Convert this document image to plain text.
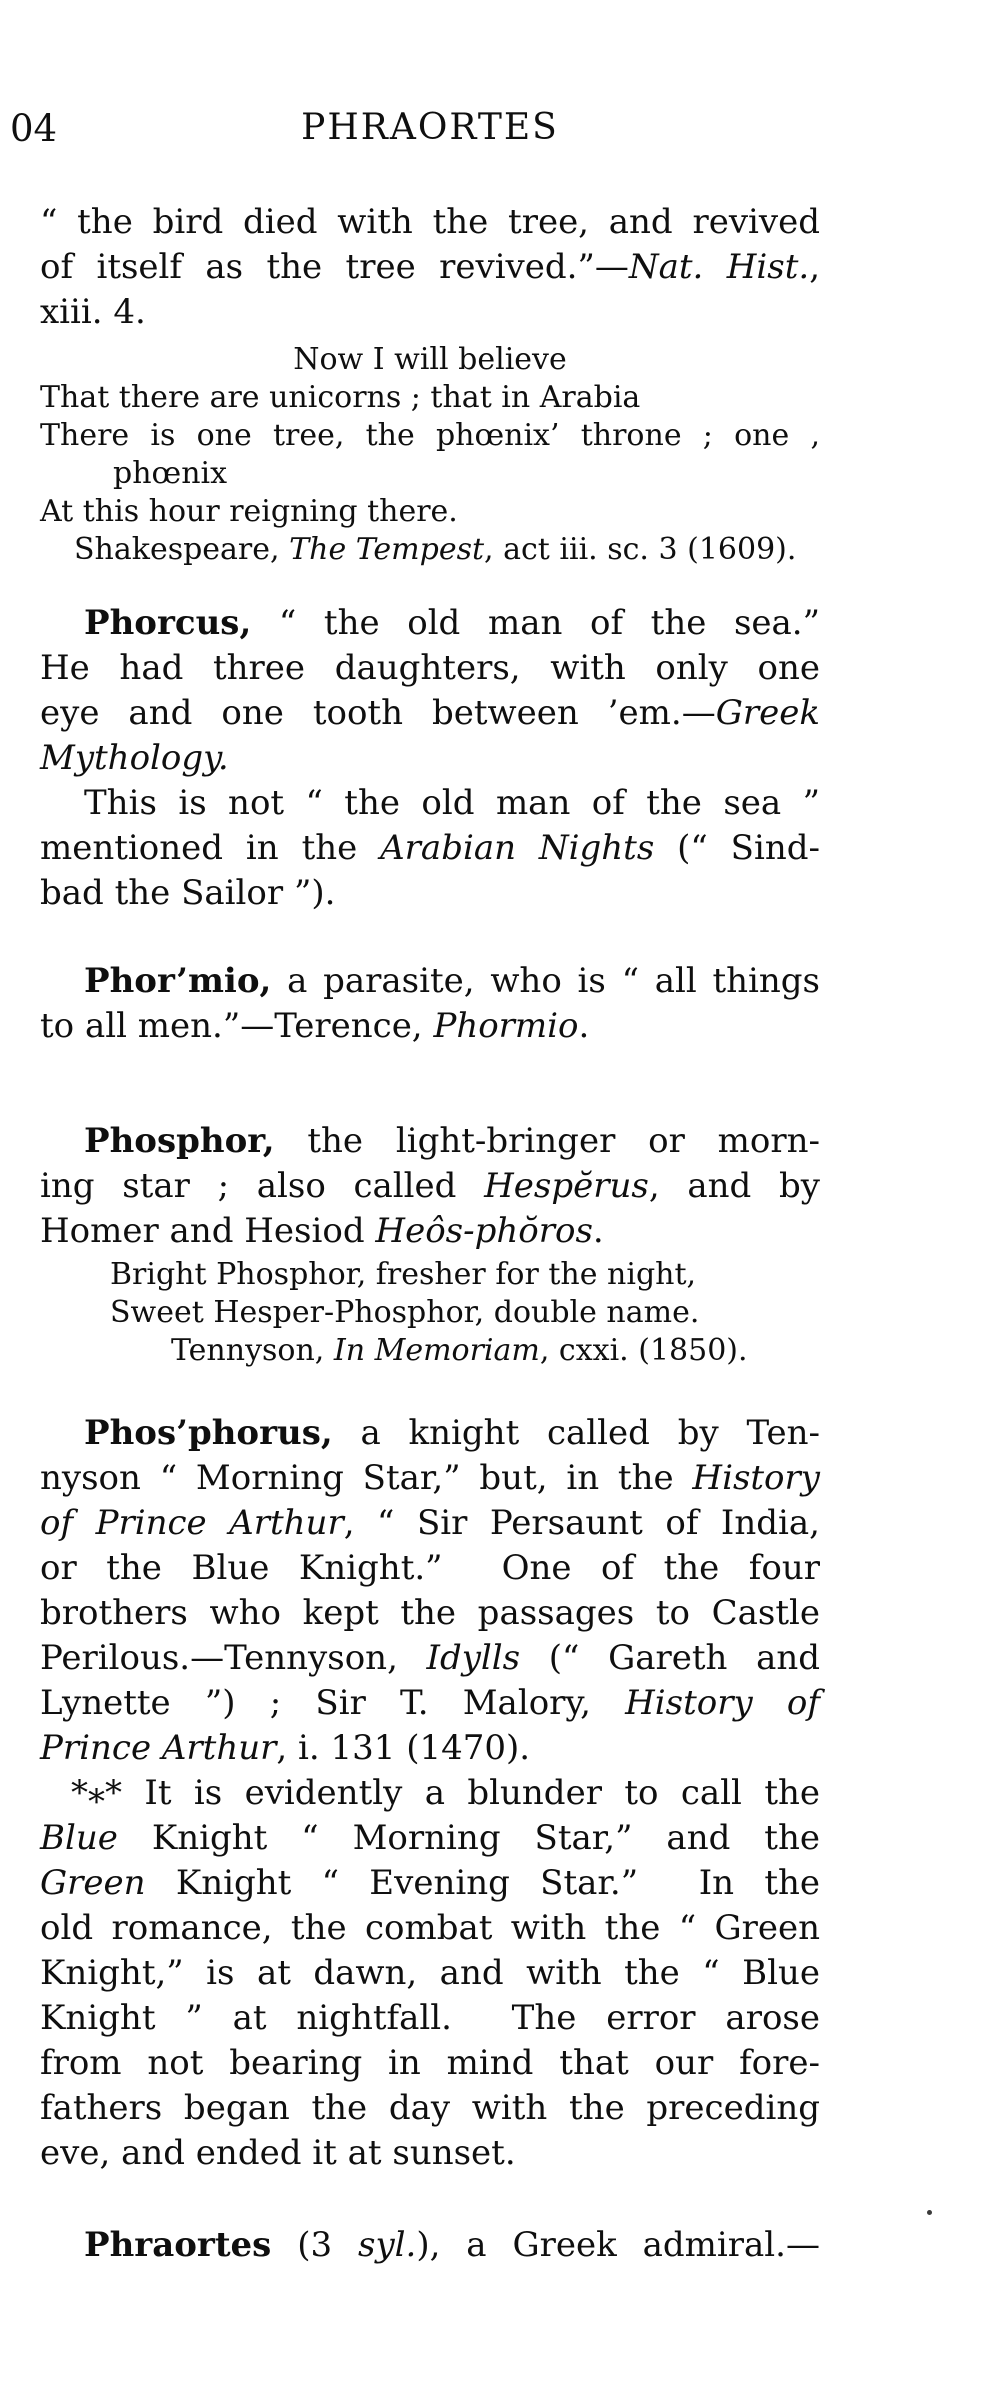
04	PHRAORTES
“ the bird died with the tree, and revived
of itself as the tree revived.”—Nat. Hist.,
xiii. 4.
Now I will believe
That there are unicorns ; that in Arabia
There is one tree, the phœnix’ throne ; one ,
phœnix
At this hour reigning there.
Shakespeare, The Tempest, act iii. sc. 3 (1609).
Phorcus, “ the old man of the sea.”
He had three daughters, with only one
eye and one tooth between ’em.—Greek
Mythology.
This is not “ the old man of the sea ”
mentioned in the Arabian Nights (“ Sind-
bad the Sailor ”).
Phor’mio, a parasite, who is “ all things
to all men.”—Terence, Phormio.
Phosphor, the light-bringer or morn-
ing star ; also called Hespĕrus, and by
Homer and Hesiod Heôs-phŏros.
Bright Phosphor, fresher for the night,
Sweet Hesper-Phosphor, double name.
Tennyson, In Memoriam, cxxi. (1850).
Phos’phorus, a knight called by Ten-
nyson “ Morning Star,” but, in the History
of Prince Arthur, “ Sir Persaunt of India,
or the Blue Knight.”  One of the four
brothers who kept the passages to Castle
Perilous.—Tennyson, Idylls (“ Gareth and
Lynette ”) ; Sir T. Malory, History of
Prince Arthur, i. 131 (1470).
*** It is evidently a blunder to call the
Blue Knight “ Morning Star,” and the
Green Knight “ Evening Star.”  In the
old romance, the combat with the “ Green
Knight,” is at dawn, and with the “ Blue
Knight ” at nightfall.  The error arose
from not bearing in mind that our fore-
fathers began the day with the preceding
eve, and ended it at sunset.
Phraortes (3 syl.), a Greek admiral.—
